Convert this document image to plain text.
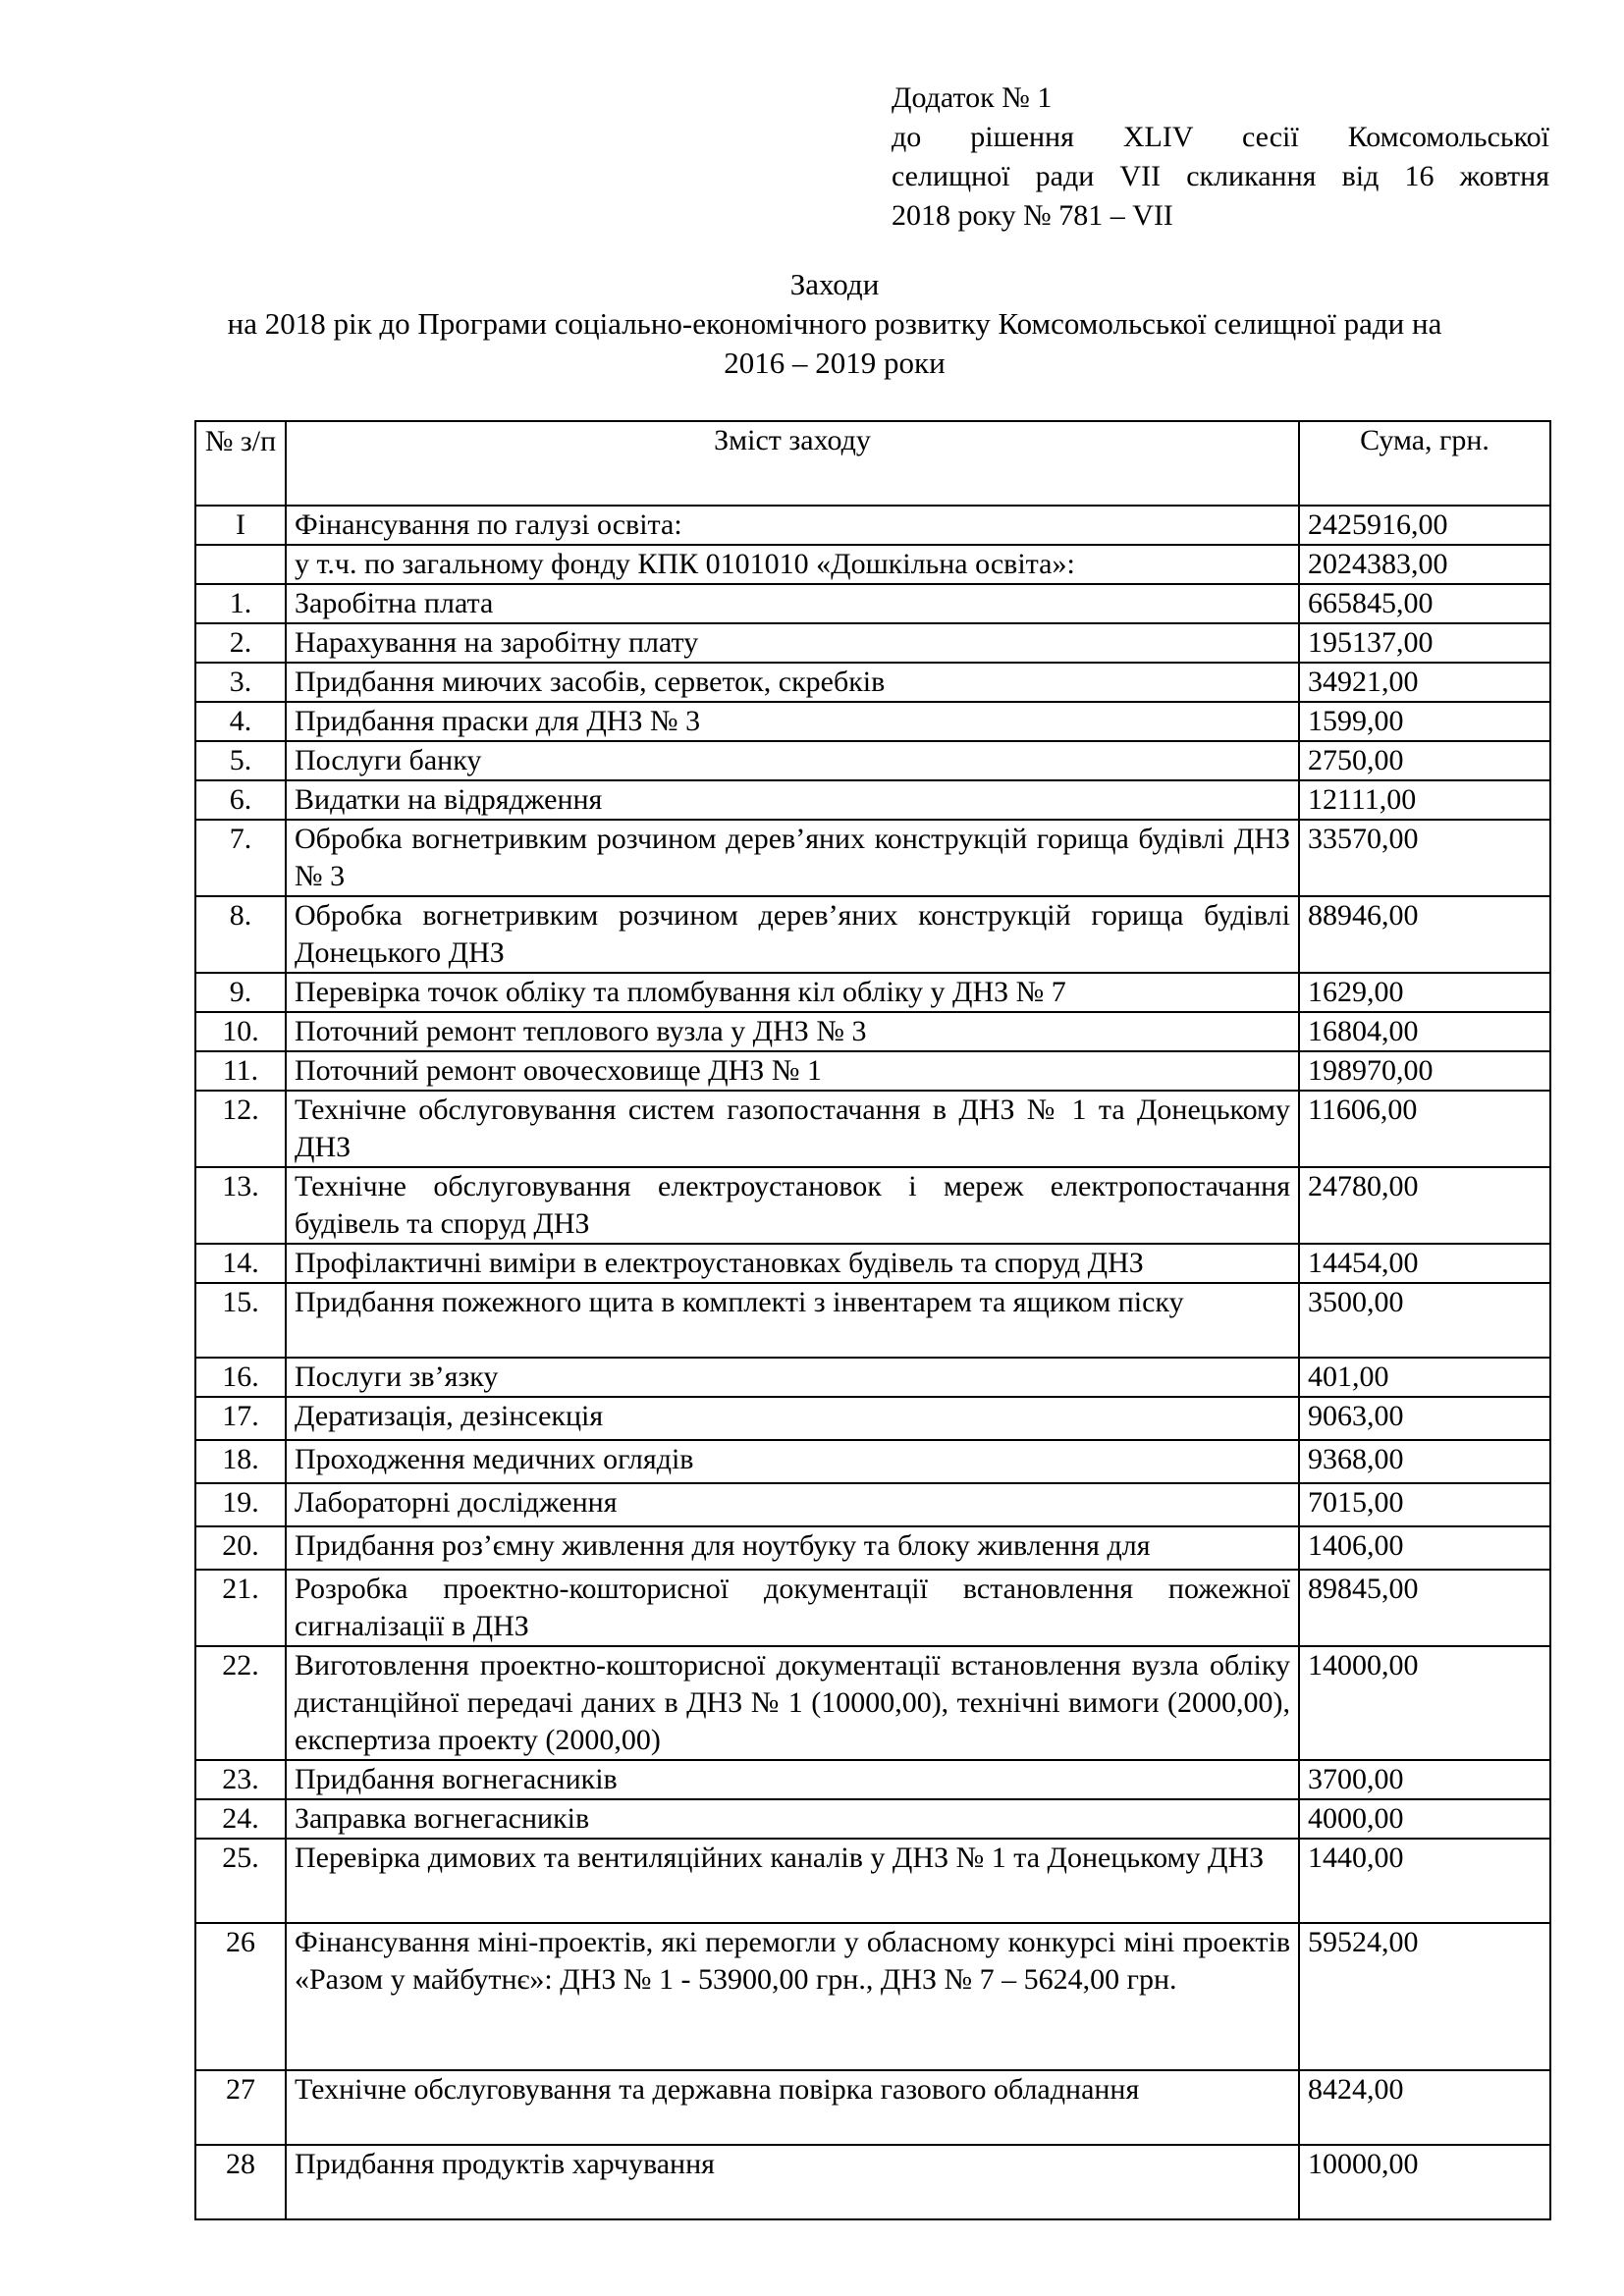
Додаток № 1
до рішення XLIV сесії Комсомольської
селищної ради VII скликання від 16 жовтня
2018 року № 781 – VII
Заходи
на 2018 рік до Програми соціально-економічного розвитку Комсомольської селищної ради на
2016 – 2019 роки
№ з/п	Зміст заходу	Сума, грн.
I	Фінансування по галузі освіта:	2425916,00
	у т.ч. по загальному фонду КПК 0101010 «Дошкільна освіта»:	2024383,00
1.	Заробітна плата	665845,00
2.	Нарахування на заробітну плату	195137,00
3.	Придбання миючих засобів, серветок, скребків	34921,00
4.	Придбання праски для ДНЗ № 3	1599,00
5.	Послуги банку	2750,00
6.	Видатки на відрядження	12111,00
7.	Обробка вогнетривким розчином дерев’яних конструкцій горища будівлі ДНЗ № 3	33570,00
8.	Обробка вогнетривким розчином дерев’яних конструкцій горища будівлі Донецького ДНЗ	88946,00
9.	Перевірка точок обліку та пломбування кіл обліку у ДНЗ № 7	1629,00
10.	Поточний ремонт теплового вузла у ДНЗ № 3	16804,00
11.	Поточний ремонт овочесховище ДНЗ № 1	198970,00
12.	Технічне обслуговування систем газопостачання в ДНЗ № 1 та Донецькому ДНЗ	11606,00
13.	Технічне обслуговування електроустановок і мереж електропостачання будівель та споруд ДНЗ	24780,00
14.	Профілактичні виміри в електроустановках будівель та споруд ДНЗ	14454,00
15.	Придбання пожежного щита в комплекті з інвентарем та ящиком піску	3500,00
16.	Послуги зв’язку	401,00
17.	Дератизація, дезінсекція	9063,00
18.	Проходження медичних оглядів	9368,00
19.	Лабораторні дослідження	7015,00
20.	Придбання роз’ємну живлення для ноутбуку та блоку живлення для	1406,00
21.	Розробка проектно-кошторисної документації встановлення пожежної сигналізації в ДНЗ	89845,00
22.	Виготовлення проектно-кошторисної документації встановлення вузла обліку дистанційної передачі даних в ДНЗ № 1 (10000,00), технічні вимоги (2000,00), експертиза проекту (2000,00)	14000,00
23.	Придбання вогнегасників	3700,00
24.	Заправка вогнегасників	4000,00
25.	Перевірка димових та вентиляційних каналів у ДНЗ № 1 та Донецькому ДНЗ	1440,00
26	Фінансування міні-проектів, які перемогли у обласному конкурсі міні проектів «Разом у майбутнє»: ДНЗ № 1 - 53900,00 грн., ДНЗ № 7 – 5624,00 грн.	59524,00
27	Технічне обслуговування та державна повірка газового обладнання	8424,00
28	Придбання продуктів харчування	10000,00
